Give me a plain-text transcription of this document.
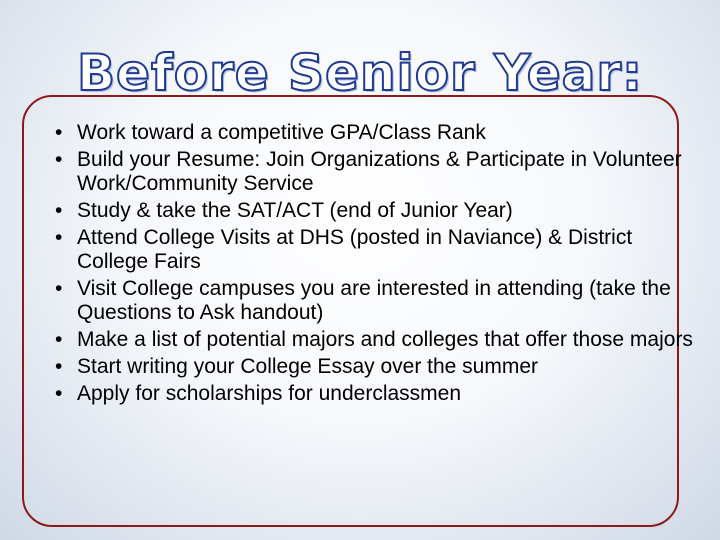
Before Senior Year:
• Work toward a competitive GPA/Class Rank
• Build your Resume: Join Organizations & Participate in Volunteer Work/Community Service
• Study & take the SAT/ACT (end of Junior Year)
• Attend College Visits at DHS (posted in Naviance) & District College Fairs
• Visit College campuses you are interested in attending (take the Questions to Ask handout)
• Make a list of potential majors and colleges that offer those majors
• Start writing your College Essay over the summer
• Apply for scholarships for underclassmen
